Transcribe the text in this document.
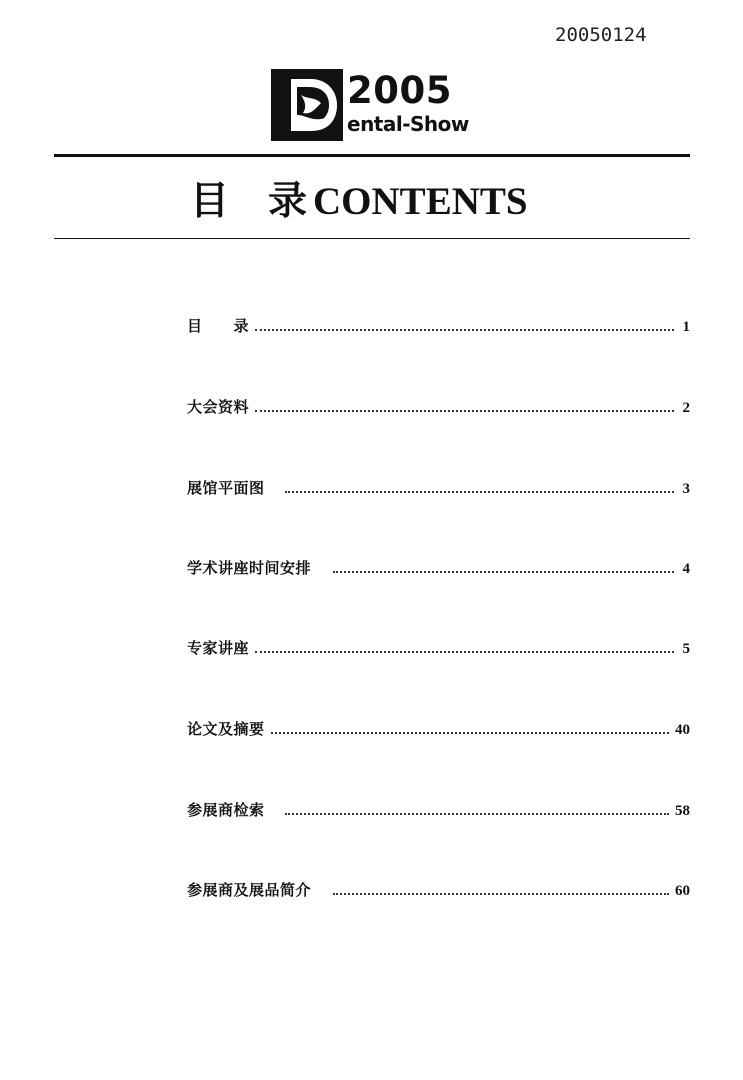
20050124
2005
ental-Show
目　录 CONTENTS
目　　录	1
大会资料	2
展馆平面图	3
学术讲座时间安排	4
专家讲座	5
论文及摘要	40
参展商检索	58
参展商及展品简介	60
